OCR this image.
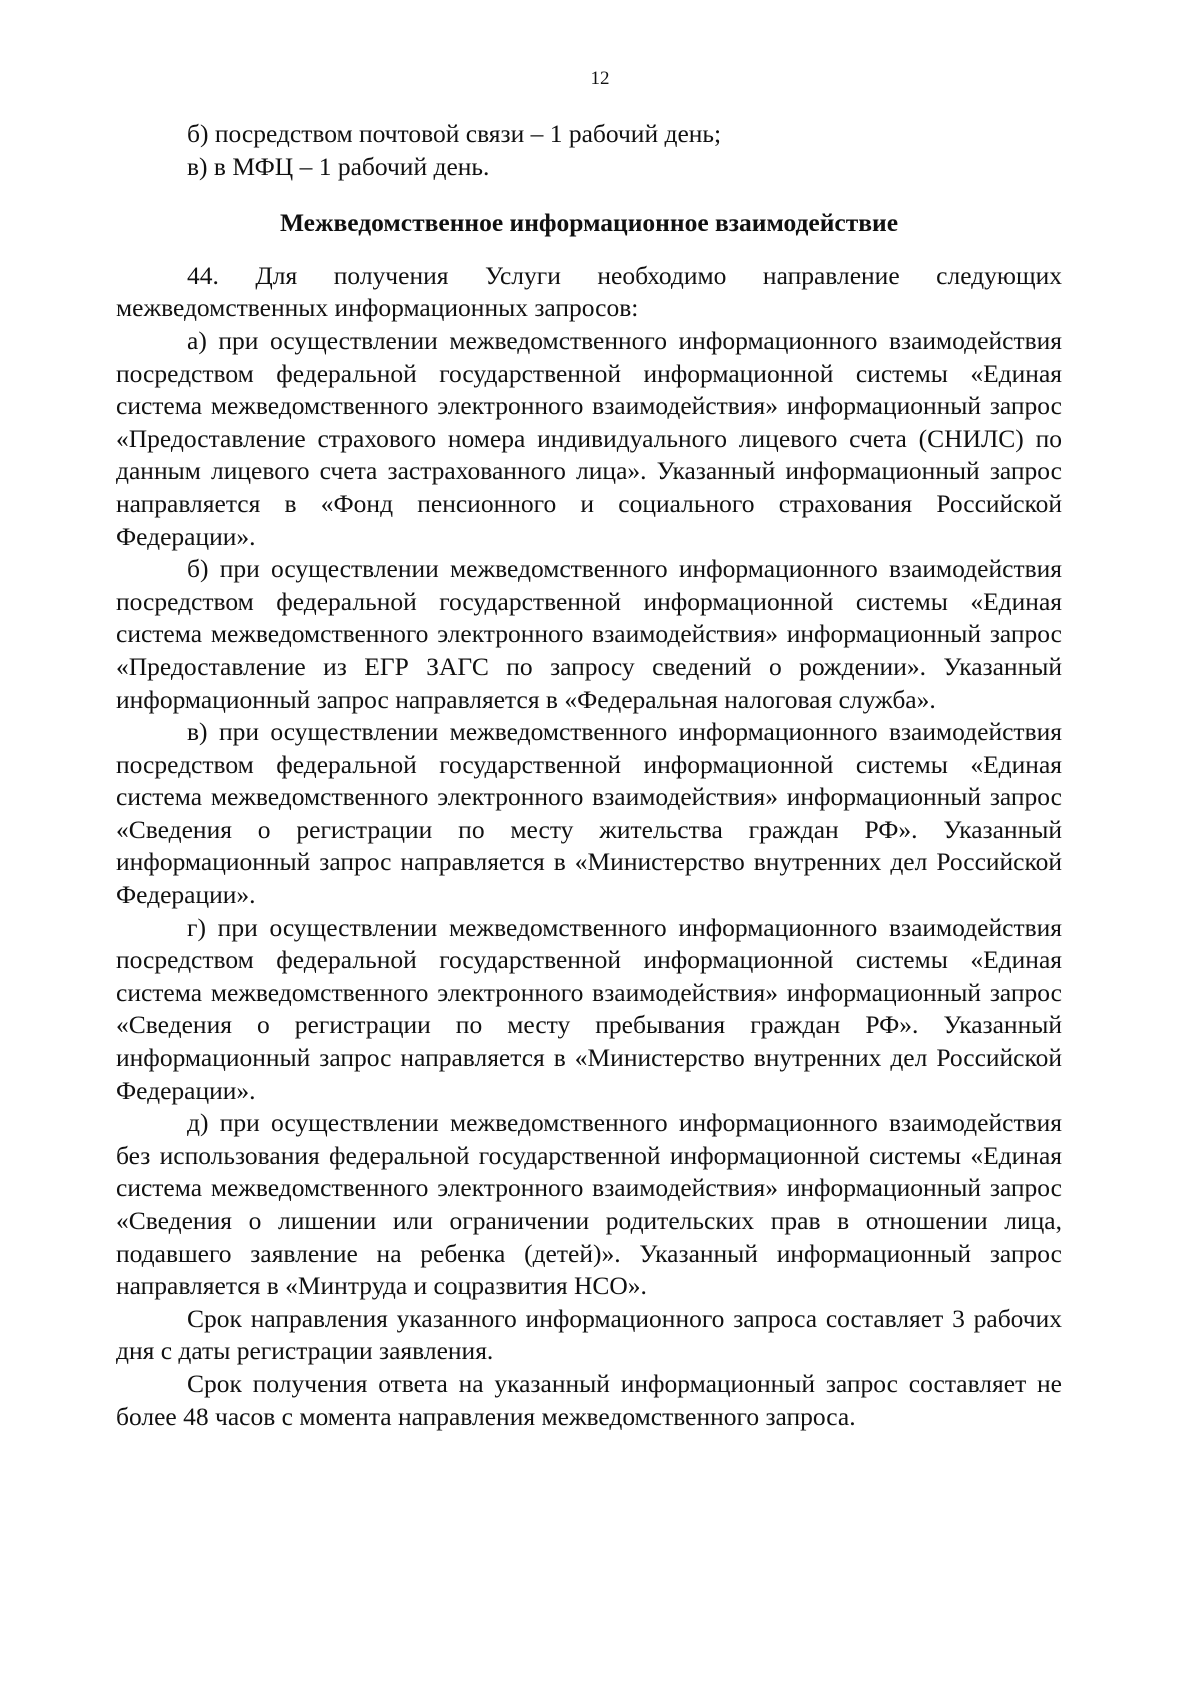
12

б) посредством почтовой связи – 1 рабочий день;

в) в МФЦ – 1 рабочий день.

Межведомственное информационное взаимодействие

44. Для получения Услуги необходимо направление следующих межведомственных информационных запросов:

а) при осуществлении межведомственного информационного взаимодействия посредством федеральной государственной информационной системы «Единая система межведомственного электронного взаимодействия» информационный запрос «Предоставление страхового номера индивидуального лицевого счета (СНИЛС) по данным лицевого счета застрахованного лица». Указанный информационный запрос направляется в «Фонд пенсионного и социального страхования Российской Федерации».

б) при осуществлении межведомственного информационного взаимодействия посредством федеральной государственной информационной системы «Единая система межведомственного электронного взаимодействия» информационный запрос «Предоставление из ЕГР ЗАГС по запросу сведений о рождении». Указанный информационный запрос направляется в «Федеральная налоговая служба».

в) при осуществлении межведомственного информационного взаимодействия посредством федеральной государственной информационной системы «Единая система межведомственного электронного взаимодействия» информационный запрос «Сведения о регистрации по месту жительства граждан РФ». Указанный информационный запрос направляется в «Министерство внутренних дел Российской Федерации».

г) при осуществлении межведомственного информационного взаимодействия посредством федеральной государственной информационной системы «Единая система межведомственного электронного взаимодействия» информационный запрос «Сведения о регистрации по месту пребывания граждан РФ». Указанный информационный запрос направляется в «Министерство внутренних дел Российской Федерации».

д) при осуществлении межведомственного информационного взаимодействия без использования федеральной государственной информационной системы «Единая система межведомственного электронного взаимодействия» информационный запрос «Сведения о лишении или ограничении родительских прав в отношении лица, подавшего заявление на ребенка (детей)». Указанный информационный запрос направляется в «Минтруда и соцразвития НСО».

Срок направления указанного информационного запроса составляет 3 рабочих дня с даты регистрации заявления.

Срок получения ответа на указанный информационный запрос составляет не более 48 часов с момента направления межведомственного запроса.
